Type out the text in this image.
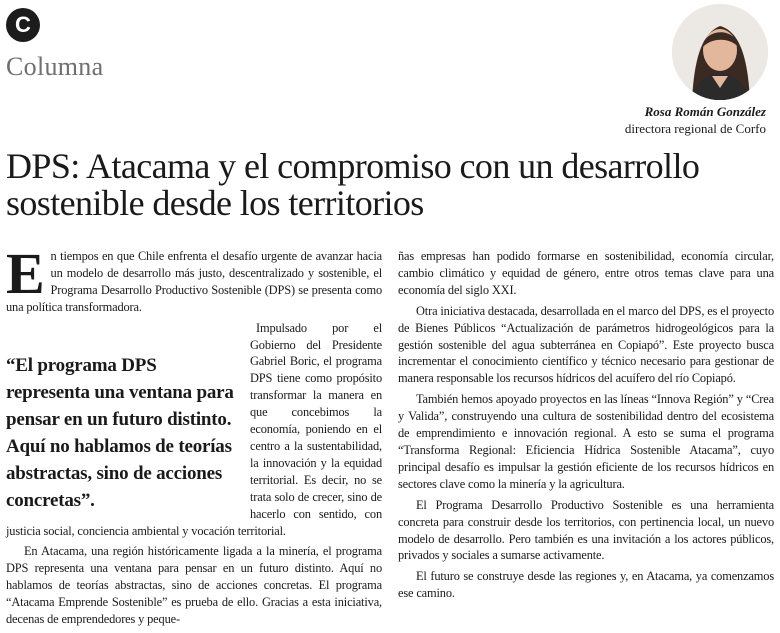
C
Columna
Rosa Román González
directora regional de Corfo
DPS: Atacama y el compromiso con un desarrollo sostenible desde los territorios

En tiempos en que Chile enfrenta el desafío urgente de avanzar hacia un modelo de desarrollo más justo, descentralizado y sostenible, el Programa Desarrollo Productivo Sostenible (DPS) se presenta como una política transformadora.

“El programa DPS representa una ventana para pensar en un futuro distinto. Aquí no hablamos de teorías abstractas, sino de acciones concretas”.
Impulsado por el Gobierno del Presidente Gabriel Boric, el programa DPS tiene como propósito transformar la manera en que concebimos la economía, poniendo en el centro a la sustentabilidad, la innovación y la equidad territorial. Es decir, no se trata solo de crecer, sino de hacerlo con sentido, con justicia social, conciencia ambiental y vocación territorial.

En Atacama, una región históricamente ligada a la minería, el programa DPS representa una ventana para pensar en un futuro distinto. Aquí no hablamos de teorías abstractas, sino de acciones concretas. El programa “Atacama Emprende Sostenible” es prueba de ello. Gracias a esta iniciativa, decenas de emprendedores y peque-

ñas empresas han podido formarse en sostenibilidad, economía circular, cambio climático y equidad de género, entre otros temas clave para una economía del siglo XXI.

Otra iniciativa destacada, desarrollada en el marco del DPS, es el proyecto de Bienes Públicos “Actualización de parámetros hidrogeológicos para la gestión sostenible del agua subterránea en Copiapó”. Este proyecto busca incrementar el conocimiento científico y técnico necesario para gestionar de manera responsable los recursos hídricos del acuífero del río Copiapó.

También hemos apoyado proyectos en las líneas “Innova Región” y “Crea y Valida”, construyendo una cultura de sostenibilidad dentro del ecosistema de emprendimiento e innovación regional. A esto se suma el programa “Transforma Regional: Eficiencia Hídrica Sostenible Atacama”, cuyo principal desafío es impulsar la gestión eficiente de los recursos hídricos en sectores clave como la minería y la agricultura.

El Programa Desarrollo Productivo Sostenible es una herramienta concreta para construir desde los territorios, con pertinencia local, un nuevo modelo de desarrollo. Pero también es una invitación a los actores públicos, privados y sociales a sumarse activamente.

El futuro se construye desde las regiones y, en Atacama, ya comenzamos ese camino.
